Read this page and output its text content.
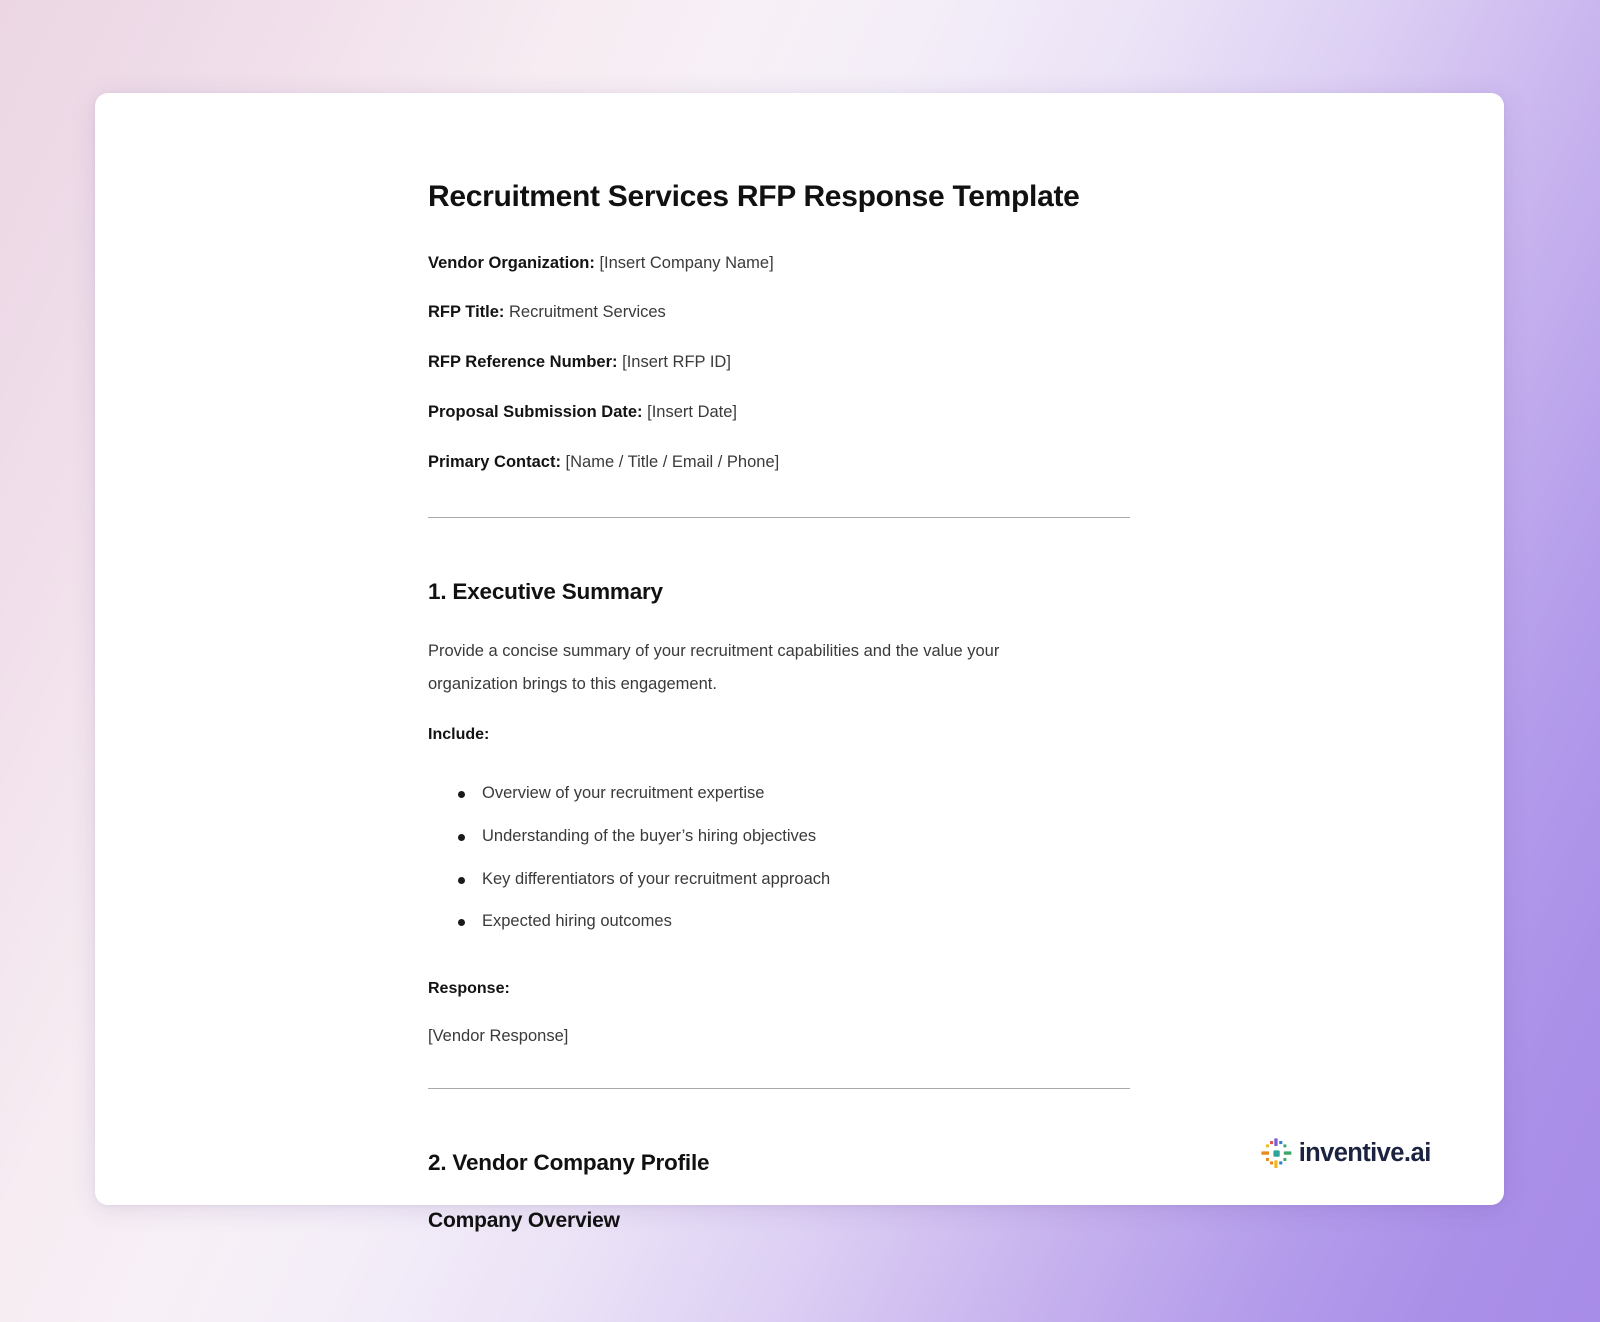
Recruitment Services RFP Response Template

Vendor Organization: [Insert Company Name]

RFP Title: Recruitment Services

RFP Reference Number: [Insert RFP ID]

Proposal Submission Date: [Insert Date]

Primary Contact: [Name / Title / Email / Phone]

1. Executive Summary

Provide a concise summary of your recruitment capabilities and the value your organization brings to this engagement.

Include:

Overview of your recruitment expertise
Understanding of the buyer’s hiring objectives
Key differentiators of your recruitment approach
Expected hiring outcomes

Response:

[Vendor Response]

2. Vendor Company Profile
Company Overview
inventive.ai
